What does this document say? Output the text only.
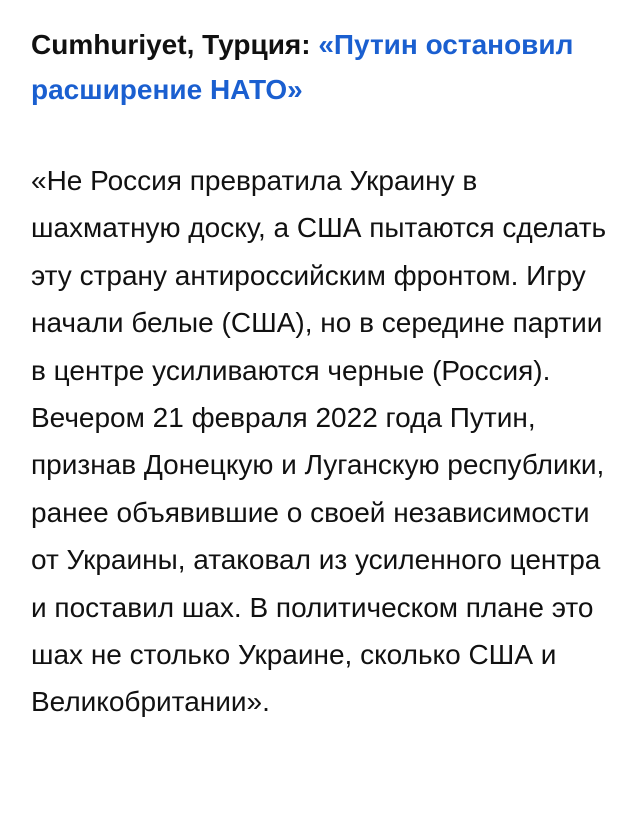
Cumhuriyet, Турция: «Путин остановил расширение НАТО»

«Не Россия превратила Украину в шахматную доску, а США пытаются сделать эту страну антироссийским фронтом. Игру начали белые (США), но в середине партии в центре усиливаются черные (Россия). Вечером 21 февраля 2022 года Путин, признав Донецкую и Луганскую республики, ранее объявившие о своей независимости от Украины, атаковал из усиленного центра и поставил шах. В политическом плане это шах не столько Украине, сколько США и Великобритании».
